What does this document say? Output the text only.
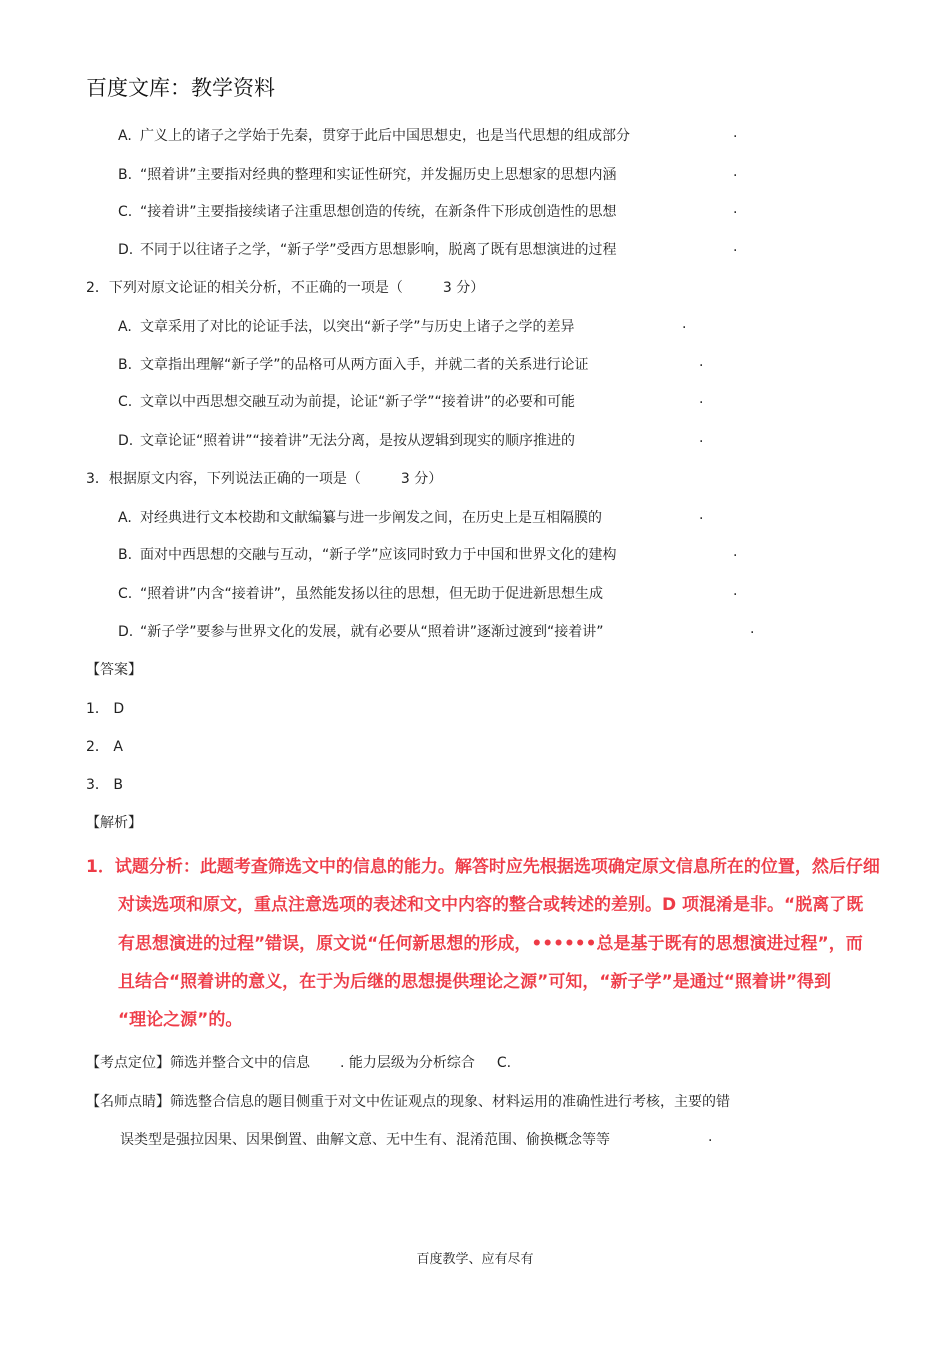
百度文库：教学资料
A. 广义上的诸子之学始于先秦，贯穿于此后中国思想史，也是当代思想的组成部分	.
B. “照着讲”主要指对经典的整理和实证性研究，并发掘历史上思想家的思想内涵	.
C. “接着讲”主要指接续诸子注重思想创造的传统，在新条件下形成创造性的思想	.
D. 不同于以往诸子之学，“新子学”受西方思想影响，脱离了既有思想演进的过程	.
2．下列对原文论证的相关分析，不正确的一项是（	3 分）
A. 文章采用了对比的论证手法，以突出“新子学”与历史上诸子之学的差异	.
B. 文章指出理解“新子学”的品格可从两方面入手，并就二者的关系进行论证	.
C. 文章以中西思想交融互动为前提，论证“新子学”“接着讲”的必要和可能	.
D. 文章论证“照着讲”“接着讲”无法分离，是按从逻辑到现实的顺序推进的	.
3．根据原文内容，下列说法正确的一项是（	3 分）
A. 对经典进行文本校勘和文献编纂与进一步阐发之间，在历史上是互相隔膜的	.
B. 面对中西思想的交融与互动，“新子学”应该同时致力于中国和世界文化的建构	.
C. “照着讲”内含“接着讲”，虽然能发扬以往的思想，但无助于促进新思想生成	.
D. “新子学”要参与世界文化的发展，就有必要从“照着讲”逐渐过渡到“接着讲”	.
【答案】
1． D
2． A
3． B
【解析】
1．试题分析：此题考查筛选文中的信息的能力。解答时应先根据选项确定原文信息所在的位置，然后仔细
对读选项和原文，重点注意选项的表述和文中内容的整合或转述的差别。D 项混淆是非。“脱离了既
有思想演进的过程”错误，原文说“任何新思想的形成，••••••总是基于既有的思想演进过程”，而
且结合“照着讲的意义，在于为后继的思想提供理论之源”可知，“新子学”是通过“照着讲”得到
“理论之源”的。
【考点定位】筛选并整合文中的信息 . 能力层级为分析综合 C.
【名师点睛】筛选整合信息的题目侧重于对文中佐证观点的现象、材料运用的准确性进行考核，主要的错
误类型是强拉因果、因果倒置、曲解文意、无中生有、混淆范围、偷换概念等等	.
百度教学、应有尽有
